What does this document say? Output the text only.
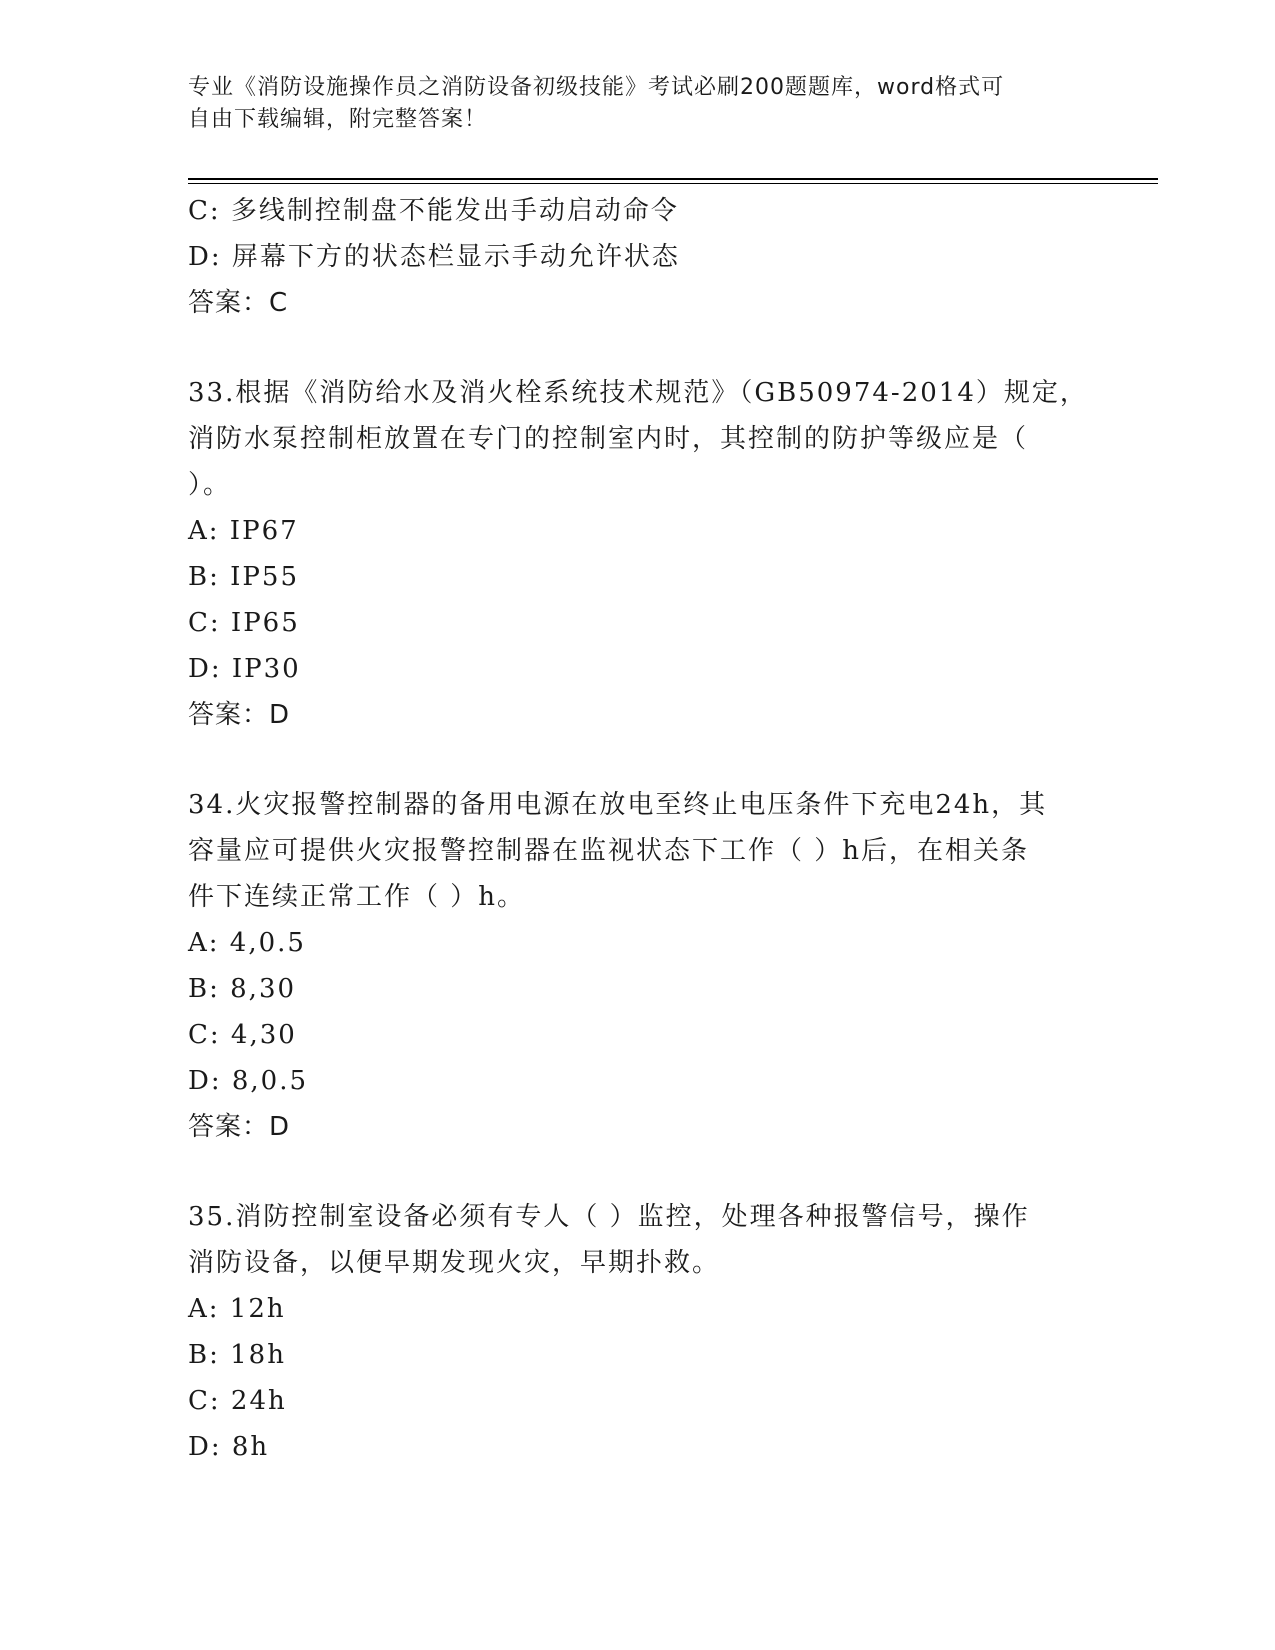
专业《消防设施操作员之消防设备初级技能》考试必刷200题题库，word格式可
自由下载编辑，附完整答案！
C: 多线制控制盘不能发出手动启动命令
D: 屏幕下方的状态栏显示手动允许状态
答案：C
33.根据《消防给水及消火栓系统技术规范》（GB50974-2014）规定，
消防水泵控制柜放置在专门的控制室内时，其控制的防护等级应是（
）。
A: IP67
B: IP55
C: IP65
D: IP30
答案：D
34.火灾报警控制器的备用电源在放电至终止电压条件下充电24h，其
容量应可提供火灾报警控制器在监视状态下工作（ ）h后，在相关条
件下连续正常工作（ ）h。
A: 4,0.5
B: 8,30
C: 4,30
D: 8,0.5
答案：D
35.消防控制室设备必须有专人（ ）监控，处理各种报警信号，操作
消防设备，以便早期发现火灾，早期扑救。
A: 12h
B: 18h
C: 24h
D: 8h
